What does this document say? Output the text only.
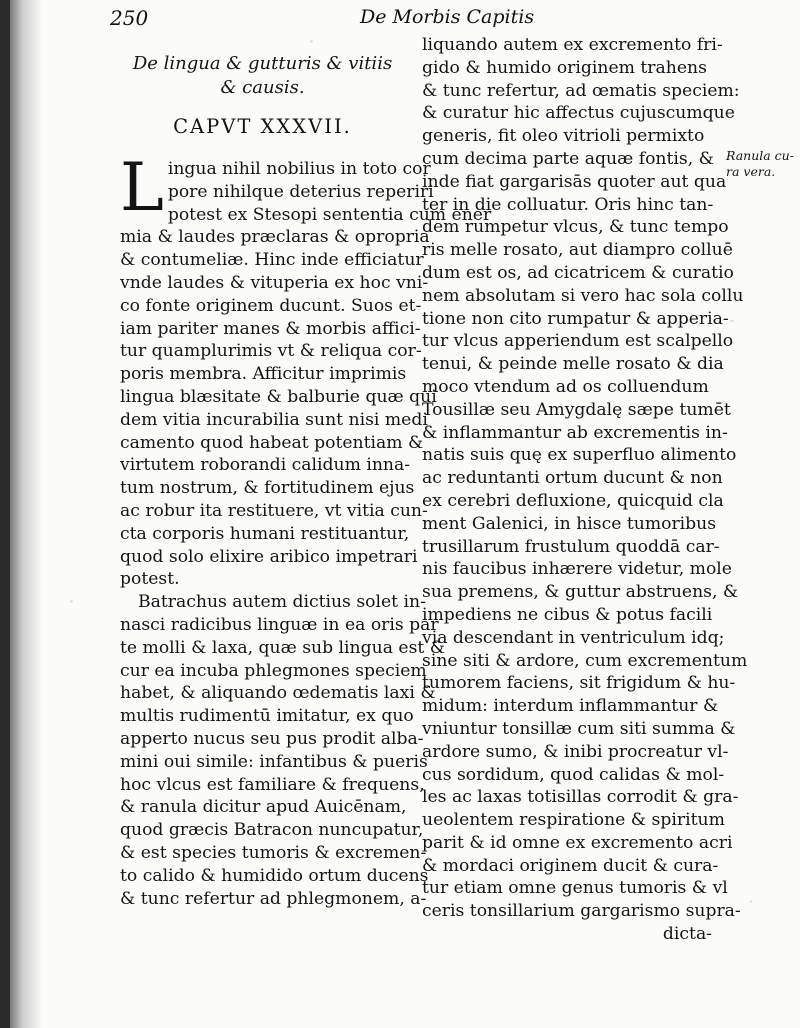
250	De Morbis Capitis
De lingua & gutturis & vitiis
& causis.
CAPVT XXXVII.
L ingua nihil nobilius in toto cor
pore nihilque deterius reperiri
potest ex Stesopi sententia cum ener
mia & laudes præclaras & opropria
& contumeliæ. Hinc inde efficiatur
vnde laudes & vituperia ex hoc vni-
co fonte originem ducunt. Suos et-
iam pariter manes & morbis affici-
tur quamplurimis vt & reliqua cor-
poris membra. Afficitur imprimis
lingua blæsitate & balburie quæ qui
dem vitia incurabilia sunt nisi medi
camento quod habeat potentiam &
virtutem roborandi calidum inna-
tum nostrum, & fortitudinem ejus
ac robur ita restituere, vt vitia cun-
cta corporis humani restituantur,
quod solo elixire aribico impetrari
potest.
Batrachus autem dictius solet in-
nasci radicibus linguæ in ea oris par
te molli & laxa, quæ sub lingua est &
cur ea incuba phlegmones speciem
habet, & aliquando œdematis laxi &
multis rudimentū imitatur, ex quo
apperto nucus seu pus prodit alba-
mini oui simile: infantibus & pueris
hoc vlcus est familiare & frequens,
& ranula dicitur apud Auicēnam,
quod græcis Batracon nuncupatur,
& est species tumoris & excremen-
to calido & humidido ortum ducens
& tunc refertur ad phlegmonem, a-
liquando autem ex excremento fri-
gido & humido originem trahens
& tunc refertur, ad œmatis speciem:
& curatur hic affectus cujuscumque
generis, fit oleo vitrioli permixto
cum decima parte aquæ fontis, &
inde fiat gargarisās quoter aut qua
ter in die colluatur. Oris hinc tan-
dem rumpetur vlcus, & tunc tempo
ris melle rosato, aut diampro colluē
dum est os, ad cicatricem & curatio
nem absolutam si vero hac sola collu
tione non cito rumpatur & apperia-
tur vlcus apperiendum est scalpello
tenui, & peinde melle rosato & dia
moco vtendum ad os colluendum
Tousillæ seu Amygdalę sæpe tumēt
& inflammantur ab excrementis in-
natis suis quę ex superfluo alimento
ac reduntanti ortum ducunt & non
ex cerebri defluxione, quicquid cla
ment Galenici, in hisce tumoribus
trusillarum frustulum quoddā car-
nis faucibus inhærere videtur, mole
sua premens, & guttur abstruens, &
impediens ne cibus & potus facili
via descendant in ventriculum idq;
sine siti & ardore, cum excrementum
tumorem faciens, sit frigidum & hu-
midum: interdum inflammantur &
vniuntur tonsillæ cum siti summa &
ardore sumo, & inibi procreatur vl-
cus sordidum, quod calidas & mol-
les ac laxas totisillas corrodit & gra-
ueolentem respiratione & spiritum
parit & id omne ex excremento acri
& mordaci originem ducit & cura-
tur etiam omne genus tumoris & vl
ceris tonsillarium gargarismo supra-
dicta-
Ranula cu-
ra vera.
